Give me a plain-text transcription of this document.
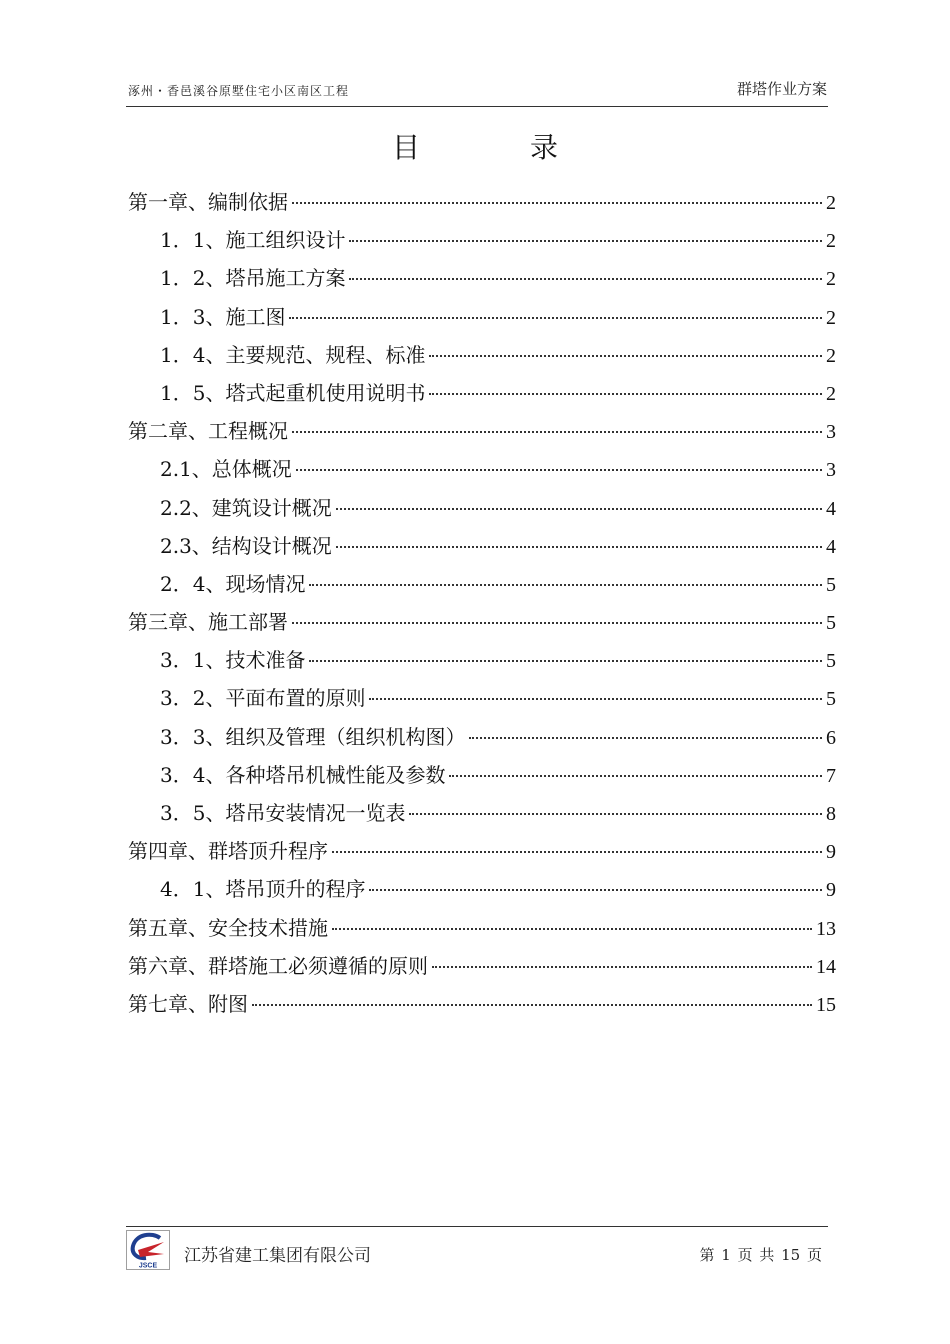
涿州・香邑溪谷原墅住宅小区南区工程	群塔作业方案
目	录
第一章、编制依据	2
1．1、施工组织设计	2
1．2、塔吊施工方案	2
1．3、施工图	2
1．4、主要规范、规程、标准	2
1．5、塔式起重机使用说明书	2
第二章、工程概况	3
2.1、总体概况	3
2.2、建筑设计概况	4
2.3、结构设计概况	4
2．4、现场情况	5
第三章、施工部署	5
3．1、技术准备	5
3．2、平面布置的原则	5
3．3、组织及管理（组织机构图）	6
3．4、各种塔吊机械性能及参数	7
3．5、塔吊安装情况一览表	8
第四章、群塔顶升程序	9
4．1、塔吊顶升的程序	9
第五章、安全技术措施	13
第六章、群塔施工必须遵循的原则	14
第七章、附图	15
JSCE 江苏省建工集团有限公司	第 1 页 共 15 页
